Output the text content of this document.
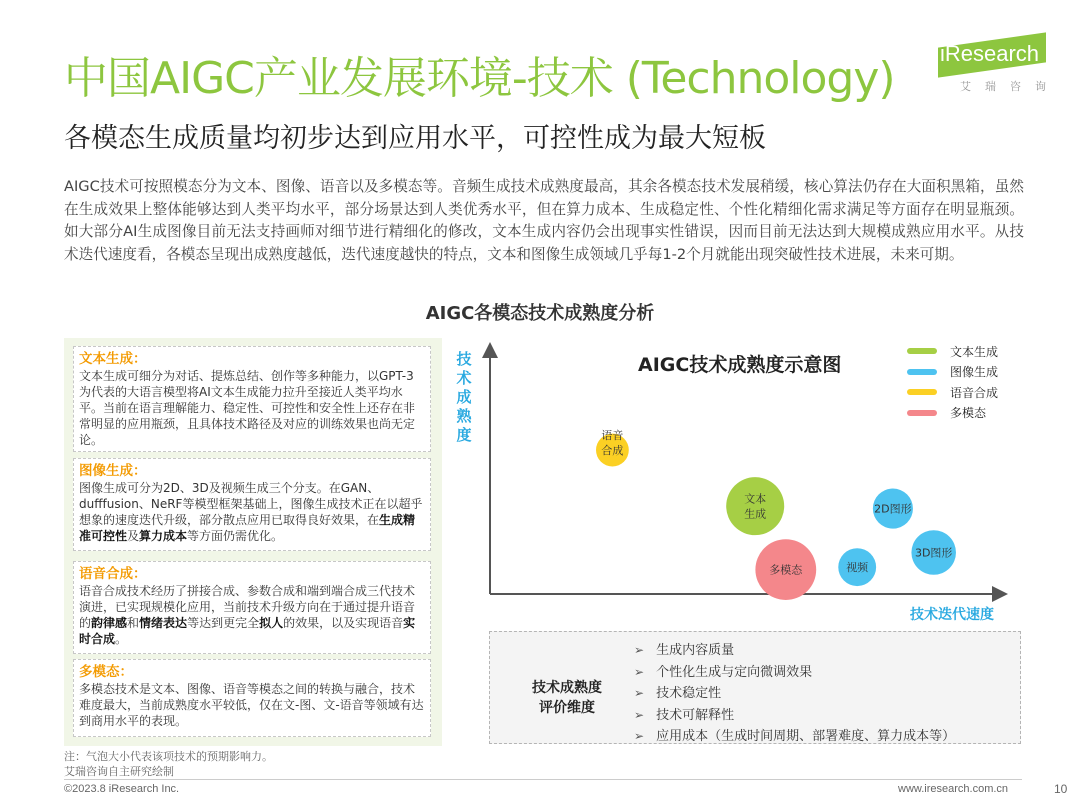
中国AIGC产业发展环境-技术 (Technology) iResearch
艾瑞咨询
各模态生成质量均初步达到应用水平，可控性成为最大短板
AIGC技术可按照模态分为文本、图像、语音以及多模态等。音频生成技术成熟度最高，其余各模态技术发展稍缓，核心算法仍存在大面积黑箱，虽然在生成效果上整体能够达到人类平均水平，部分场景达到人类优秀水平，但在算力成本、生成稳定性、个性化精细化需求满足等方面存在明显瓶颈。如大部分AI生成图像目前无法支持画师对细节进行精细化的修改，文本生成内容仍会出现事实性错误，因而目前无法达到大规模成熟应用水平。从技术迭代速度看，各模态呈现出成熟度越低，迭代速度越快的特点，文本和图像生成领域几乎每1-2个月就能出现突破性技术进展，未来可期。
AIGC各模态技术成熟度分析
文本生成：
文本生成可细分为对话、提炼总结、创作等多种能力，以GPT-3为代表的大语言模型将AI文本生成能力拉升至接近人类平均水平。当前在语言理解能力、稳定性、可控性和安全性上还存在非常明显的应用瓶颈，且具体技术路径及对应的训练效果也尚无定论。
图像生成：
图像生成可分为2D、3D及视频生成三个分支。在GAN、dufffusion、NeRF等模型框架基础上，图像生成技术正在以超乎想象的速度迭代升级，部分散点应用已取得良好效果，在生成精准可控性及算力成本等方面仍需优化。
语音合成：
语音合成技术经历了拼接合成、参数合成和端到端合成三代技术演进，已实现规模化应用，当前技术升级方向在于通过提升语音的韵律感和情绪表达等达到更完全拟人的效果，以及实现语音实时合成。
多模态：
多模态技术是文本、图像、语音等模态之间的转换与融合，技术难度最大，当前成熟度水平较低，仅在文-图、文-语音等领域有达到商用水平的表现。
语音
合成
文本
生成	2D图形
3D图形
视频
多模态
技术成熟度
技术迭代速度
AIGC技术成熟度示意图
文本生成
图像生成
语音合成
多模态
技术成熟度
评价维度
➢ 生成内容质量
➢ 个性化生成与定向微调效果
➢ 技术稳定性
➢ 技术可解释性
➢ 应用成本（生成时间周期、部署难度、算力成本等）
注：气泡大小代表该项技术的预期影响力。
艾瑞咨询自主研究绘制
©2023.8 iResearch Inc.	www.iresearch.com.cn	10
